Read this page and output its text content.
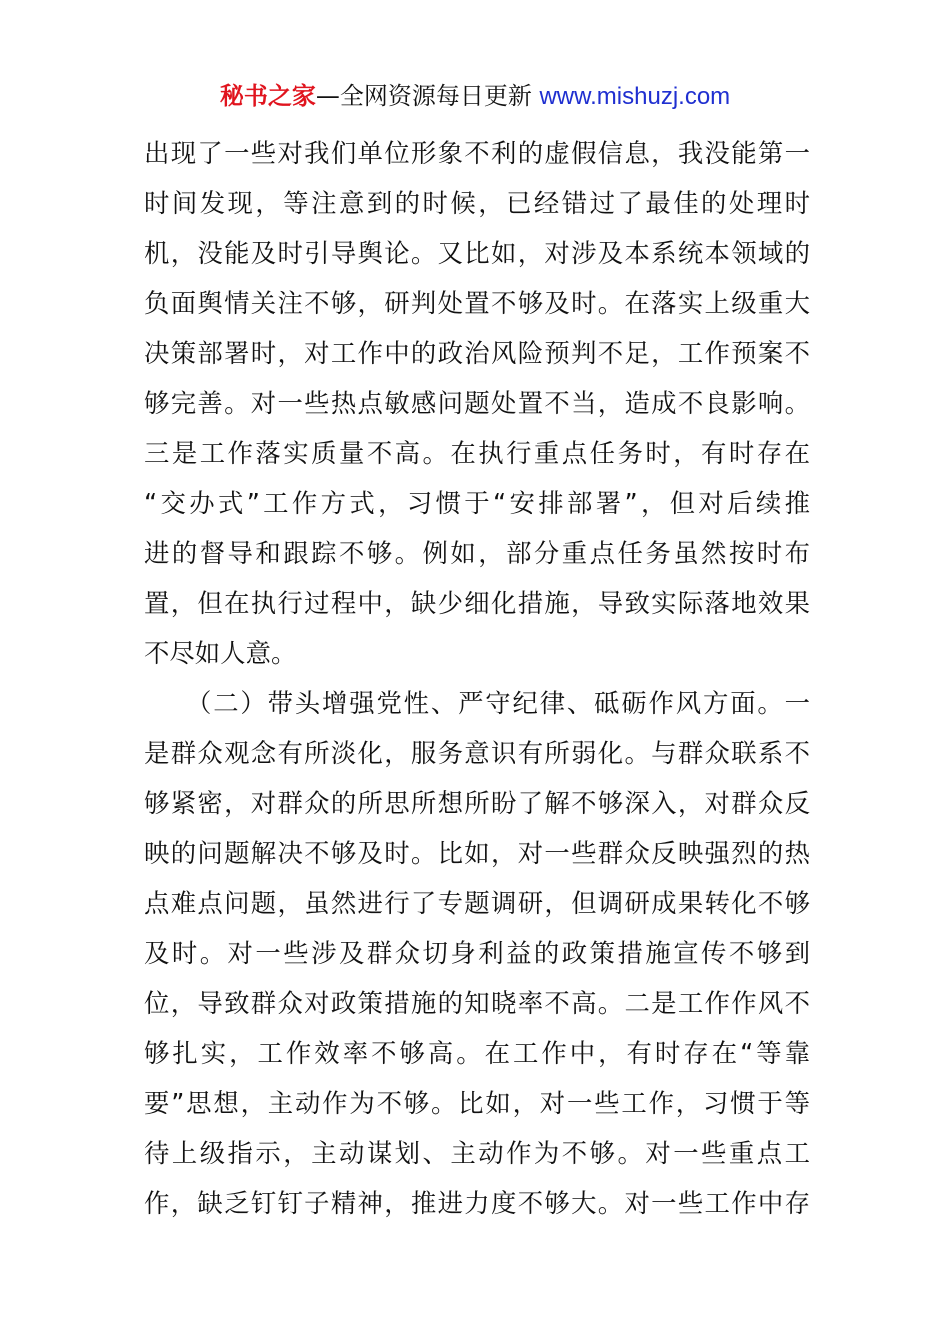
秘书之家—全网资源每日更新 www.mishuzj.com
出现了一些对我们单位形象不利的虚假信息，我没能第一
时间发现，等注意到的时候，已经错过了最佳的处理时
机，没能及时引导舆论。又比如，对涉及本系统本领域的
负面舆情关注不够，研判处置不够及时。在落实上级重大
决策部署时，对工作中的政治风险预判不足，工作预案不
够完善。对一些热点敏感问题处置不当，造成不良影响。
三是工作落实质量不高。在执行重点任务时，有时存在
“交办式”工作方式，习惯于“安排部署”，但对后续推
进的督导和跟踪不够。例如，部分重点任务虽然按时布
置，但在执行过程中，缺少细化措施，导致实际落地效果
不尽如人意。
（二）带头增强党性、严守纪律、砥砺作风方面。一
是群众观念有所淡化，服务意识有所弱化。与群众联系不
够紧密，对群众的所思所想所盼了解不够深入，对群众反
映的问题解决不够及时。比如，对一些群众反映强烈的热
点难点问题，虽然进行了专题调研，但调研成果转化不够
及时。对一些涉及群众切身利益的政策措施宣传不够到
位，导致群众对政策措施的知晓率不高。二是工作作风不
够扎实，工作效率不够高。在工作中，有时存在“等靠
要”思想，主动作为不够。比如，对一些工作，习惯于等
待上级指示，主动谋划、主动作为不够。对一些重点工
作，缺乏钉钉子精神，推进力度不够大。对一些工作中存
